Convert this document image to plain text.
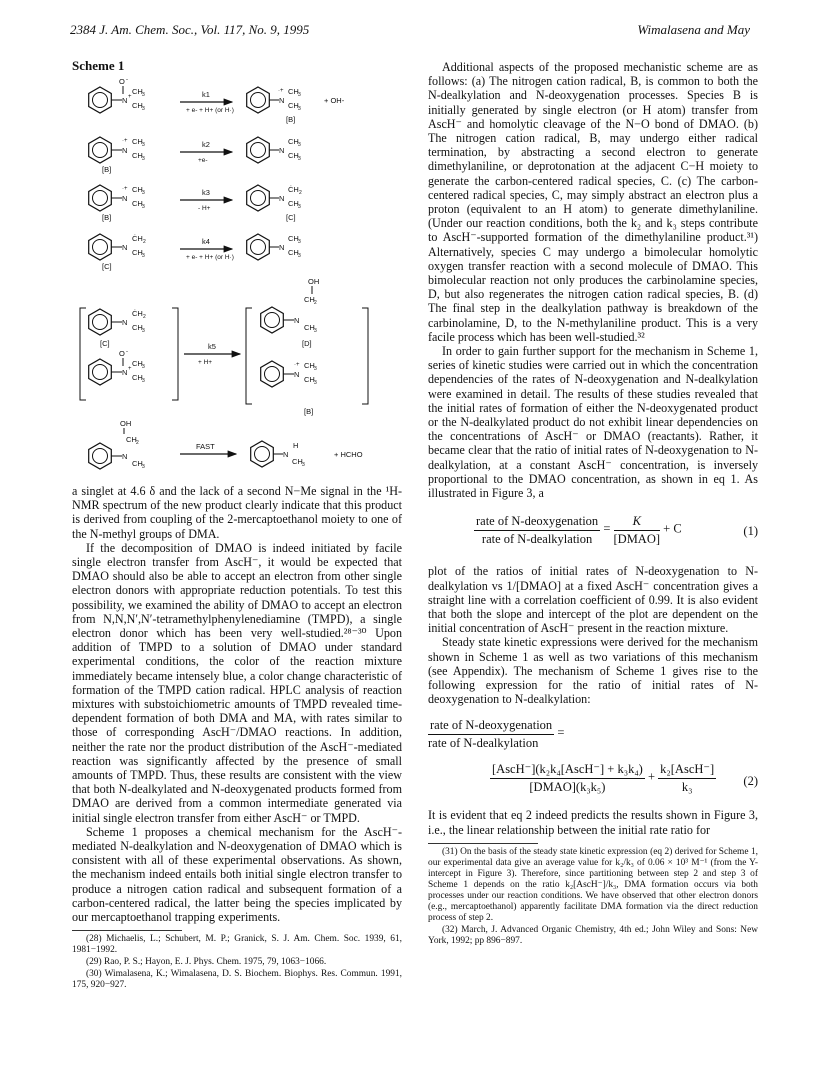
2384 J. Am. Chem. Soc., Vol. 117, No. 9, 1995	Wimalasena and May
Scheme 1
N +
O -
CH 3
CH 3
k1
+ e- + H+ (or H·)
N
·+ CH 3
CH 3
[B]
+ OH-
N
·+ CH 3
CH 3
[B]
k2
+e-
N
CH 3
CH 3
N
·+ CH 3
CH 3
[B]
k3
- H+
N
ĊH 2
CH 3
[C]
N
ĊH 2
CH 3
[C]
k4
+ e- + H+ (or H·)
N
CH 3
CH 3
N
ĊH 2
CH 3
[C]
N +
O -
CH 3
CH 3
k5
+ H+
OH
N
CH 2
CH 3
[D]
N
·+ CH 3
CH 3
[B]
OH
N
CH 2
CH 3
FAST
N
H
CH 3
+ HCHO

a singlet at 4.6 δ and the lack of a second N−Me signal in the ¹H-NMR spectrum of the new product clearly indicate that this product is derived from coupling of the 2-mercaptoethanol moiety to one of the N-methyl groups of DMA.

If the decomposition of DMAO is indeed initiated by facile single electron transfer from AscH⁻, it would be expected that DMAO should also be able to accept an electron from other single electron donors with appropriate reduction potentials. To test this possibility, we examined the ability of DMAO to accept an electron from N,N,N′,N′-tetramethylphenylenediamine (TMPD), a single electron donor which has been very well-studied.²⁸⁻³⁰ Upon addition of TMPD to a solution of DMAO under standard experimental conditions, the color of the reaction mixture immediately became intensely blue, a color change characteristic of formation of the TMPD cation radical. HPLC analysis of reaction mixtures with substoichiometric amounts of TMPD revealed time-dependent formation of both DMA and MA, with rates similar to those of corresponding AscH⁻/DMAO reactions. In addition, neither the rate nor the product distribution of the AscH⁻-mediated reaction was significantly affected by the presence of small amounts of TMPD. Thus, these results are consistent with the view that both N-dealkylated and N-deoxygenated products formed from DMAO are derived from a common intermediate generated via initial single electron transfer from either AscH⁻ or TMPD.

Scheme 1 proposes a chemical mechanism for the AscH⁻-mediated N-dealkylation and N-deoxygenation of DMAO which is consistent with all of these experimental observations. As shown, the mechanism indeed entails both initial single electron transfer to produce a nitrogen cation radical and subsequent formation of a carbon-centered radical, the latter being the species implicated by our mercaptoethanol trapping experiments.

(28) Michaelis, L.; Schubert, M. P.; Granick, S. J. Am. Chem. Soc. 1939, 61, 1981−1992.

(29) Rao, P. S.; Hayon, E. J. Phys. Chem. 1975, 79, 1063−1066.

(30) Wimalasena, K.; Wimalasena, D. S. Biochem. Biophys. Res. Commun. 1991, 175, 920−927.

Additional aspects of the proposed mechanistic scheme are as follows: (a) The nitrogen cation radical, B, is common to both the N-dealkylation and N-deoxygenation processes. Species B is initially generated by single electron (or H atom) transfer from AscH⁻ and homolytic cleavage of the N−O bond of DMAO. (b) The nitrogen cation radical, B, may undergo either radical termination, by abstracting a second electron to generate dimethylaniline, or deprotonation at the adjacent C−H moiety to generate the carbon-centered radical species, C. (c) The carbon-centered radical species, C, may simply abstract an electron plus a proton (equivalent to an H atom) to generate dimethylaniline. (Under our reaction conditions, both the k₂ and k₃ steps contribute to AscH⁻-supported formation of the dimethylaniline product.³¹) Alternatively, species C may undergo a bimolecular homolytic oxygen transfer reaction with a second molecule of DMAO. This bimolecular reaction not only produces the carbinolamine species, D, but also regenerates the nitrogen cation radical species, B. (d) The final step in the dealkylation pathway is breakdown of the carbinolamine, D, to the N-methylaniline product. This is a very facile process which has been well-studied.³²

In order to gain further support for the mechanism in Scheme 1, series of kinetic studies were carried out in which the concentration dependencies of the rates of N-deoxygenation and N-dealkylation were examined in detail. The results of these studies revealed that the initial rates of formation of either the N-deoxygenated product or the N-dealkylated product do not exhibit linear dependencies on the concentrations of AscH⁻ or DMAO (reactants). Rather, it became clear that the ratio of initial rates of N-deoxygenation to N-dealkylation, at a constant AscH⁻ concentration, is inversely proportional to the DMAO concentration, as shown in eq 1. As illustrated in Figure 3, a

$\frac{\text{rate of N-deoxygenation}}{\text{rate of N-dealkylation}} = \frac{K}{\text{[DMAO]}} + C$	(1)

plot of the ratios of initial rates of N-deoxygenation to N-dealkylation vs 1/[DMAO] at a fixed AscH⁻ concentration gives a straight line with a correlation coefficient of 0.99. It is also evident that both the slope and intercept of the plot are dependent on the initial concentration of AscH⁻ present in the reaction mixture.

Steady state kinetic expressions were derived for the mechanism shown in Scheme 1 as well as two variations of this mechanism (see Appendix). The mechanism of Scheme 1 gives rise to the following expression for the ratio of initial rates of N-deoxygenation to N-dealkylation:

$\frac{\text{rate of N-deoxygenation}}{\text{rate of N-dealkylation}}$ =
$\frac{\text{[AscH⁻](k₂k₄[AscH⁻] + k₃k₄)}}{\text{[DMAO](k₃k₅)}} + \frac{\text{k₂[AscH⁻]}}{\text{k₃}} (2)$

It is evident that eq 2 indeed predicts the results shown in Figure 3, i.e., the linear relationship between the initial rate ratio for

(31) On the basis of the steady state kinetic expression (eq 2) derived for Scheme 1, our experimental data give an average value for k₂/k₃ of 0.06 × 10³ M⁻¹ (from the Y-intercept in Figure 3). Therefore, since partitioning between step 2 and step 3 of Scheme 1 depends on the ratio k₂[AscH⁻]/k₃, DMA formation occurs via both processes under our reaction conditions. We have observed that other electron donors (e.g., mercaptoethanol) apparently facilitate DMA formation via the direct reduction process of step 2.

(32) March, J. Advanced Organic Chemistry, 4th ed.; John Wiley and Sons: New York, 1992; pp 896−897.
